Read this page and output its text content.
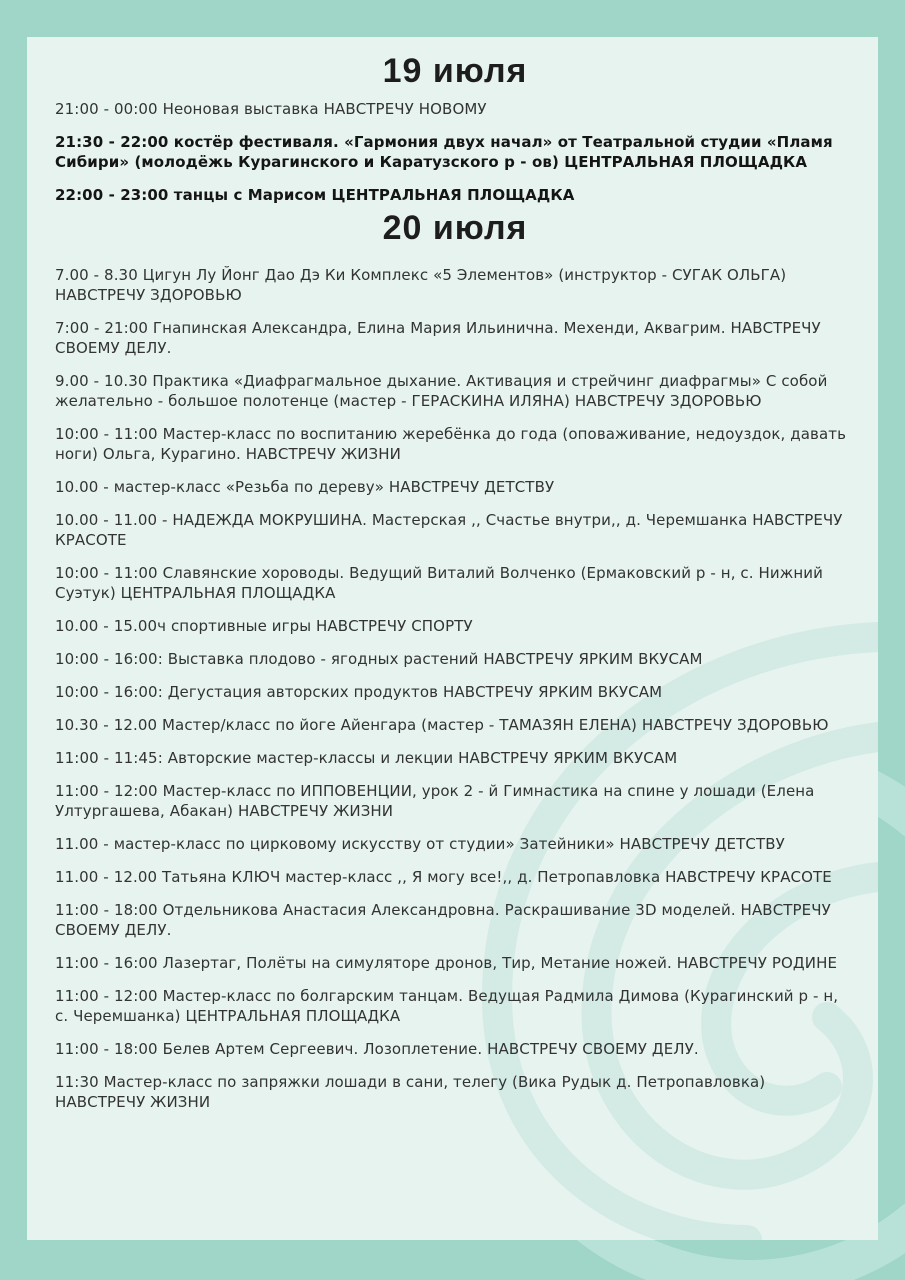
19 июля

21:00 - 00:00 Неоновая выставка НАВСТРЕЧУ НОВОМУ

21:30 - 22:00 костёр фестиваля. «Гармония двух начал» от Театральной студии «Пламя Сибири» (молодёжь Курагинского и Каратузского р - ов) ЦЕНТРАЛЬНАЯ ПЛОЩАДКА

22:00 - 23:00 танцы с Марисом ЦЕНТРАЛЬНАЯ ПЛОЩАДКА

20 июля

7.00 - 8.30 Цигун Лу Йонг Дао Дэ Ки Комплекс «5 Элементов» (инструктор - СУГАК ОЛЬГА) НАВСТРЕЧУ ЗДОРОВЬЮ

7:00 - 21:00 Гнапинская Александра, Елина Мария Ильинична. Мехенди, Аквагрим. НАВСТРЕЧУ СВОЕМУ ДЕЛУ.

9.00 - 10.30 Практика «Диафрагмальное дыхание. Активация и стрейчинг диафрагмы» С собой желательно - большое полотенце (мастер - ГЕРАСКИНА ИЛЯНА) НАВСТРЕЧУ ЗДОРОВЬЮ

10:00 - 11:00 Мастер-класс по воспитанию жеребёнка до года (оповаживание, недоуздок, давать ноги) Ольга, Курагино. НАВСТРЕЧУ ЖИЗНИ

10.00 - мастер-класс «Резьба по дереву» НАВСТРЕЧУ ДЕТСТВУ

10.00 - 11.00 - НАДЕЖДА МОКРУШИНА. Мастерская ,, Счастье внутри,, д. Черемшанка НАВСТРЕЧУ КРАСОТЕ

10:00 - 11:00 Славянские хороводы. Ведущий Виталий Волченко (Ермаковский р - н, с. Нижний Суэтук) ЦЕНТРАЛЬНАЯ ПЛОЩАДКА

10.00 - 15.00ч спортивные игры НАВСТРЕЧУ СПОРТУ

10:00 - 16:00: Выставка плодово - ягодных растений НАВСТРЕЧУ ЯРКИМ ВКУСАМ

10:00 - 16:00: Дегустация авторских продуктов НАВСТРЕЧУ ЯРКИМ ВКУСАМ

10.30 - 12.00 Мастер/класс по йоге Айенгара (мастер - ТАМАЗЯН ЕЛЕНА) НАВСТРЕЧУ ЗДОРОВЬЮ

11:00 - 11:45: Авторские мастер-классы и лекции НАВСТРЕЧУ ЯРКИМ ВКУСАМ

11:00 - 12:00 Мастер-класс по ИППОВЕНЦИИ, урок 2 - й Гимнастика на спине у лошади (Елена Ултургашева, Абакан) НАВСТРЕЧУ ЖИЗНИ

11.00 - мастер-класс по цирковому искусству от студии» Затейники» НАВСТРЕЧУ ДЕТСТВУ

11.00 - 12.00 Татьяна КЛЮЧ мастер-класс ,, Я могу все!,, д. Петропавловка НАВСТРЕЧУ КРАСОТЕ

11:00 - 18:00 Отдельникова Анастасия Александровна. Раскрашивание 3D моделей. НАВСТРЕЧУ СВОЕМУ ДЕЛУ.

11:00 - 16:00 Лазертаг, Полёты на симуляторе дронов, Тир, Метание ножей. НАВСТРЕЧУ РОДИНЕ

11:00 - 12:00 Мастер-класс по болгарским танцам. Ведущая Радмила Димова (Курагинский р - н, с. Черемшанка) ЦЕНТРАЛЬНАЯ ПЛОЩАДКА

11:00 - 18:00 Белев Артем Сергеевич. Лозоплетение. НАВСТРЕЧУ СВОЕМУ ДЕЛУ.

11:30 Мастер-класс по запряжки лошади в сани, телегу (Вика Рудык д. Петропавловка) НАВСТРЕЧУ ЖИЗНИ
